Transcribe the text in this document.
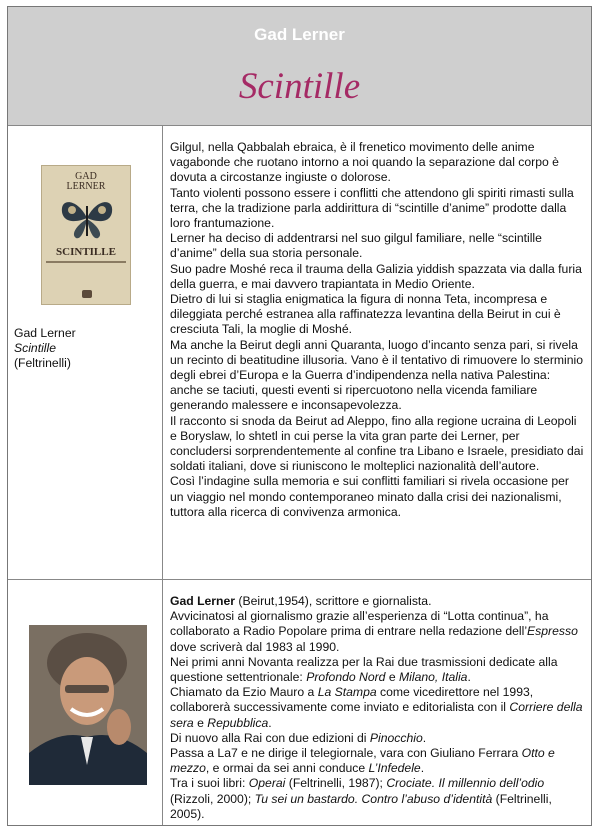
Gad Lerner
Scintille
GAD
LERNER
SCINTILLE
Gad Lerner
Scintille
(Feltrinelli)

Gilgul, nella Qabbalah ebraica, è il frenetico movimento delle anime vagabonde che ruotano intorno a noi quando la separazione dal corpo è dovuta a circostanze ingiuste o dolorose.

Tanto violenti possono essere i conflitti che attendono gli spiriti rimasti sulla terra, che la tradizione parla addirittura di “scintille d’anime” prodotte dalla loro frantumazione.

Lerner ha deciso di addentrarsi nel suo gilgul familiare, nelle “scintille d’anime” della sua storia personale.

Suo padre Moshé reca il trauma della Galizia yiddish spazzata via dalla furia della guerra, e mai davvero trapiantata in Medio Oriente.

Dietro di lui si staglia enigmatica la figura di nonna Teta, incompresa e dileggiata perché estranea alla raffinatezza levantina della Beirut in cui è cresciuta Tali, la moglie di Moshé.

Ma anche la Beirut degli anni Quaranta, luogo d’incanto senza pari, si rivela un recinto di beatitudine illusoria. Vano è il tentativo di rimuovere lo sterminio degli ebrei d’Europa e la Guerra d’indipendenza nella nativa Palestina: anche se taciuti, questi eventi si ripercuotono nella vicenda familiare generando malessere e inconsapevolezza.

Il racconto si snoda da Beirut ad Aleppo, fino alla regione ucraina di Leopoli e Boryslaw, lo shtetl in cui perse la vita gran parte dei Lerner, per concludersi sorprendentemente al confine tra Libano e Israele, presidiato dai soldati italiani, dove si riuniscono le molteplici nazionalità dell’autore.

Così l’indagine sulla memoria e sui conflitti familiari si rivela occasione per un viaggio nel mondo contemporaneo minato dalla crisi dei nazionalismi, tuttora alla ricerca di convivenza armonica.

Gad Lerner (Beirut,1954), scrittore e giornalista.

Avvicinatosi al giornalismo grazie all’esperienza di “Lotta continua”, ha collaborato a Radio Popolare prima di entrare nella redazione dell’Espresso dove scriverà dal 1983 al 1990.

Nei primi anni Novanta realizza per la Rai due trasmissioni dedicate alla questione settentrionale: Profondo Nord e Milano, Italia.

Chiamato da Ezio Mauro a La Stampa come vicedirettore nel 1993, collaborerà successivamente come inviato e editorialista con il Corriere della sera e Repubblica.

Di nuovo alla Rai con due edizioni di Pinocchio.

Passa a La7 e ne dirige il telegiornale, vara con Giuliano Ferrara Otto e mezzo, e ormai da sei anni conduce L’Infedele.

Tra i suoi libri: Operai (Feltrinelli, 1987); Crociate. Il millennio dell’odio (Rizzoli, 2000); Tu sei un bastardo. Contro l’abuso d’identità (Feltrinelli, 2005).
